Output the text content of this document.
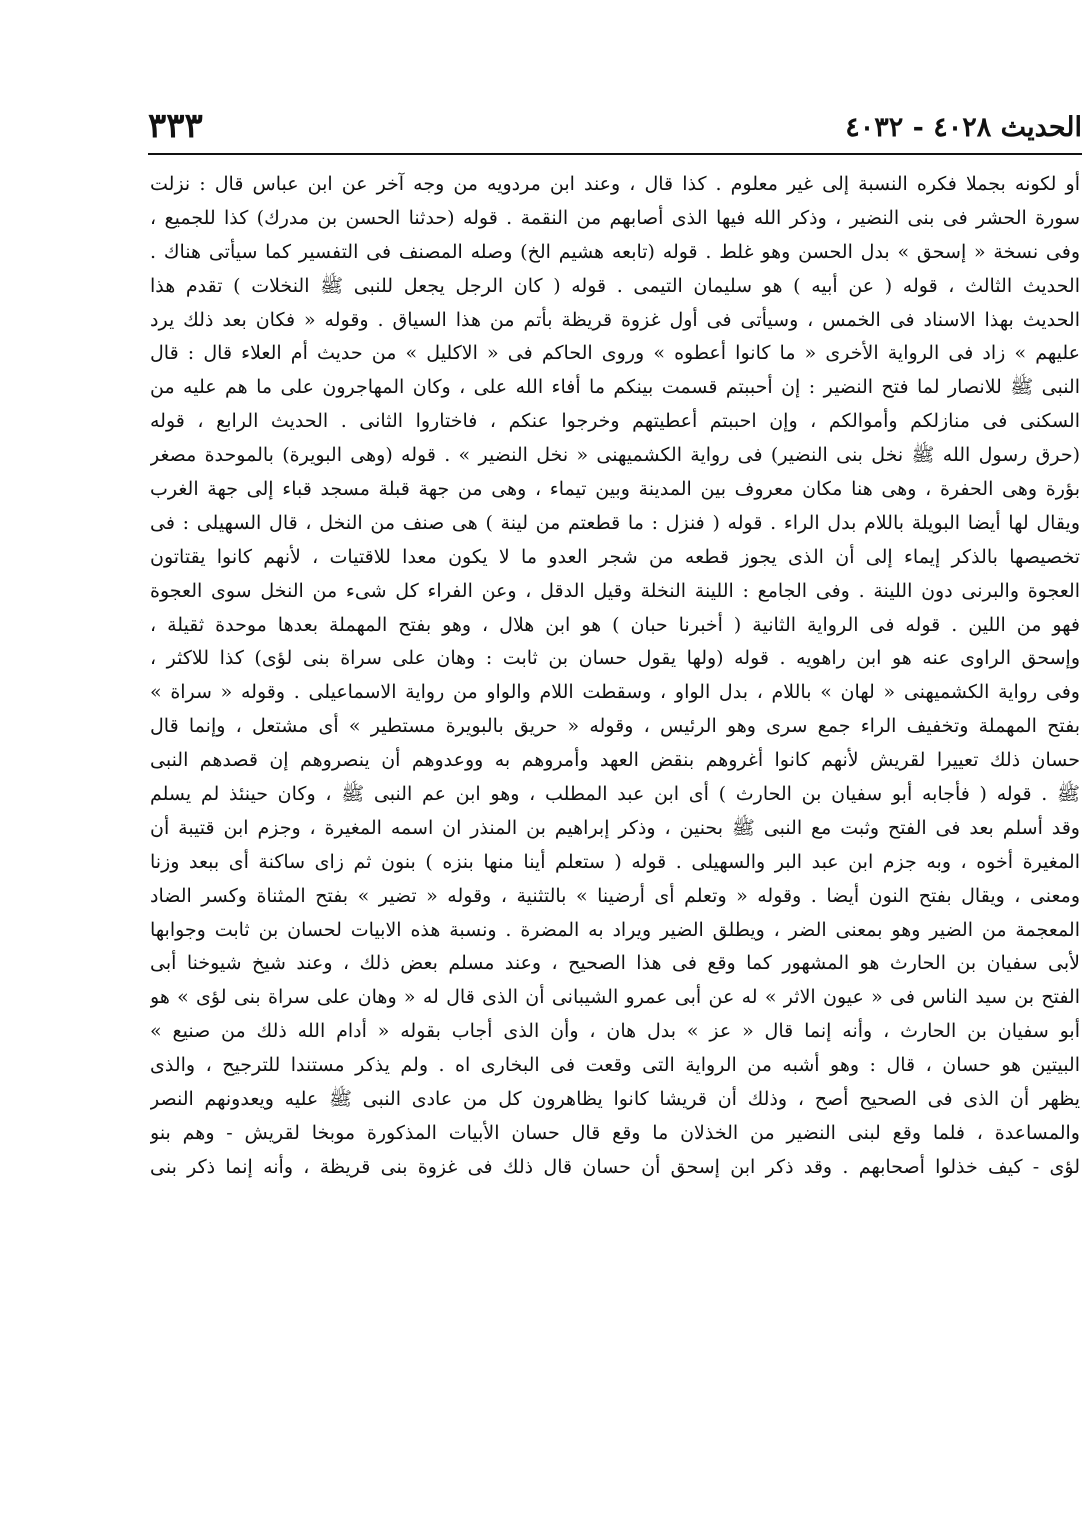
الحديث ٤٠٢٨ - ٤٠٣٢
٣٣٣
أو لكونه بجملا فكره النسبة إلى غير معلوم . كذا قال ، وعند ابن مردويه من وجه آخر عن ابن عباس قال : نزلت
سورة الحشر فى بنى النضير ، وذكر الله فيها الذى أصابهم من النقمة . قوله (حدثنا الحسن بن مدرك) كذا للجميع ،
وفى نسخة « إسحق » بدل الحسن وهو غلط . قوله (تابعه هشيم الخ) وصله المصنف فى التفسير كما سيأتى هناك .
الحديث الثالث ، قوله ( عن أبيه ) هو سليمان التيمى . قوله ( كان الرجل يجعل للنبى ﷺ النخلات ) تقدم هذا
الحديث بهذا الاسناد فى الخمس ، وسيأتى فى أول غزوة قريظة بأتم من هذا السياق . وقوله « فكان بعد ذلك يرد
عليهم » زاد فى الرواية الأخرى « ما كانوا أعطوه » وروى الحاكم فى « الاكليل » من حديث أم العلاء قال : قال
النبى ﷺ للانصار لما فتح النضير : إن أحببتم قسمت بينكم ما أفاء الله على ، وكان المهاجرون على ما هم عليه من
السكنى فى منازلكم وأموالكم ، وإن احببتم أعطيتهم وخرجوا عنكم ، فاختاروا الثانى . الحديث الرابع ، قوله
(حرق رسول الله ﷺ نخل بنى النضير) فى رواية الكشميهنى « نخل النضير » . قوله (وهى البويرة) بالموحدة مصغر
بؤرة وهى الحفرة ، وهى هنا مكان معروف بين المدينة وبين تيماء ، وهى من جهة قبلة مسجد قباء إلى جهة الغرب
ويقال لها أيضا البويلة باللام بدل الراء . قوله ( فنزل : ما قطعتم من لينة ) هى صنف من النخل ، قال السهيلى : فى
تخصيصها بالذكر إيماء إلى أن الذى يجوز قطعه من شجر العدو ما لا يكون معدا للاقتيات ، لأنهم كانوا يقتاتون
العجوة والبرنى دون اللينة . وفى الجامع : اللينة النخلة وقيل الدقل ، وعن الفراء كل شىء من النخل سوى العجوة
فهو من اللين . قوله فى الرواية الثانية ( أخبرنا حبان ) هو ابن هلال ، وهو بفتح المهملة بعدها موحدة ثقيلة ،
وإسحق الراوى عنه هو ابن راهويه . قوله (ولها يقول حسان بن ثابت : وهان على سراة بنى لؤى) كذا للاكثر ،
وفى رواية الكشميهنى « لهان » باللام ، بدل الواو ، وسقطت اللام والواو من رواية الاسماعيلى . وقوله « سراة »
بفتح المهملة وتخفيف الراء جمع سرى وهو الرئيس ، وقوله « حريق بالبويرة مستطير » أى مشتعل ، وإنما قال
حسان ذلك تعييرا لقريش لأنهم كانوا أغروهم بنقض العهد وأمروهم به ووعدوهم أن ينصروهم إن قصدهم النبى
ﷺ . قوله ( فأجابه أبو سفيان بن الحارث ) أى ابن عبد المطلب ، وهو ابن عم النبى ﷺ ، وكان حينئذ لم يسلم
وقد أسلم بعد فى الفتح وثبت مع النبى ﷺ بحنين ، وذكر إبراهيم بن المنذر ان اسمه المغيرة ، وجزم ابن قتيبة أن
المغيرة أخوه ، وبه جزم ابن عبد البر والسهيلى . قوله ( ستعلم أينا منها بنزه ) بنون ثم زاى ساكنة أى ببعد وزنا
ومعنى ، ويقال بفتح النون أيضا . وقوله « وتعلم أى أرضينا » بالتثنية ، وقوله « تضير » بفتح المثناة وكسر الضاد
المعجمة من الضير وهو بمعنى الضر ، ويطلق الضير ويراد به المضرة . ونسبة هذه الابيات لحسان بن ثابت وجوابها
لأبى سفيان بن الحارث هو المشهور كما وقع فى هذا الصحيح ، وعند مسلم بعض ذلك ، وعند شيخ شيوخنا أبى
الفتح بن سيد الناس فى « عيون الاثر » له عن أبى عمرو الشيبانى أن الذى قال له « وهان على سراة بنى لؤى » هو
أبو سفيان بن الحارث ، وأنه إنما قال « عز » بدل هان ، وأن الذى أجاب بقوله « أدام الله ذلك من صنيع »
البيتين هو حسان ، قال : وهو أشبه من الرواية التى وقعت فى البخارى اه . ولم يذكر مستندا للترجيح ، والذى
يظهر أن الذى فى الصحيح أصح ، وذلك أن قريشا كانوا يظاهرون كل من عادى النبى ﷺ عليه ويعدونهم النصر
والمساعدة ، فلما وقع لبنى النضير من الخذلان ما وقع قال حسان الأبيات المذكورة موبخا لقريش - وهم بنو
لؤى - كيف خذلوا أصحابهم . وقد ذكر ابن إسحق أن حسان قال ذلك فى غزوة بنى قريظة ، وأنه إنما ذكر بنى
